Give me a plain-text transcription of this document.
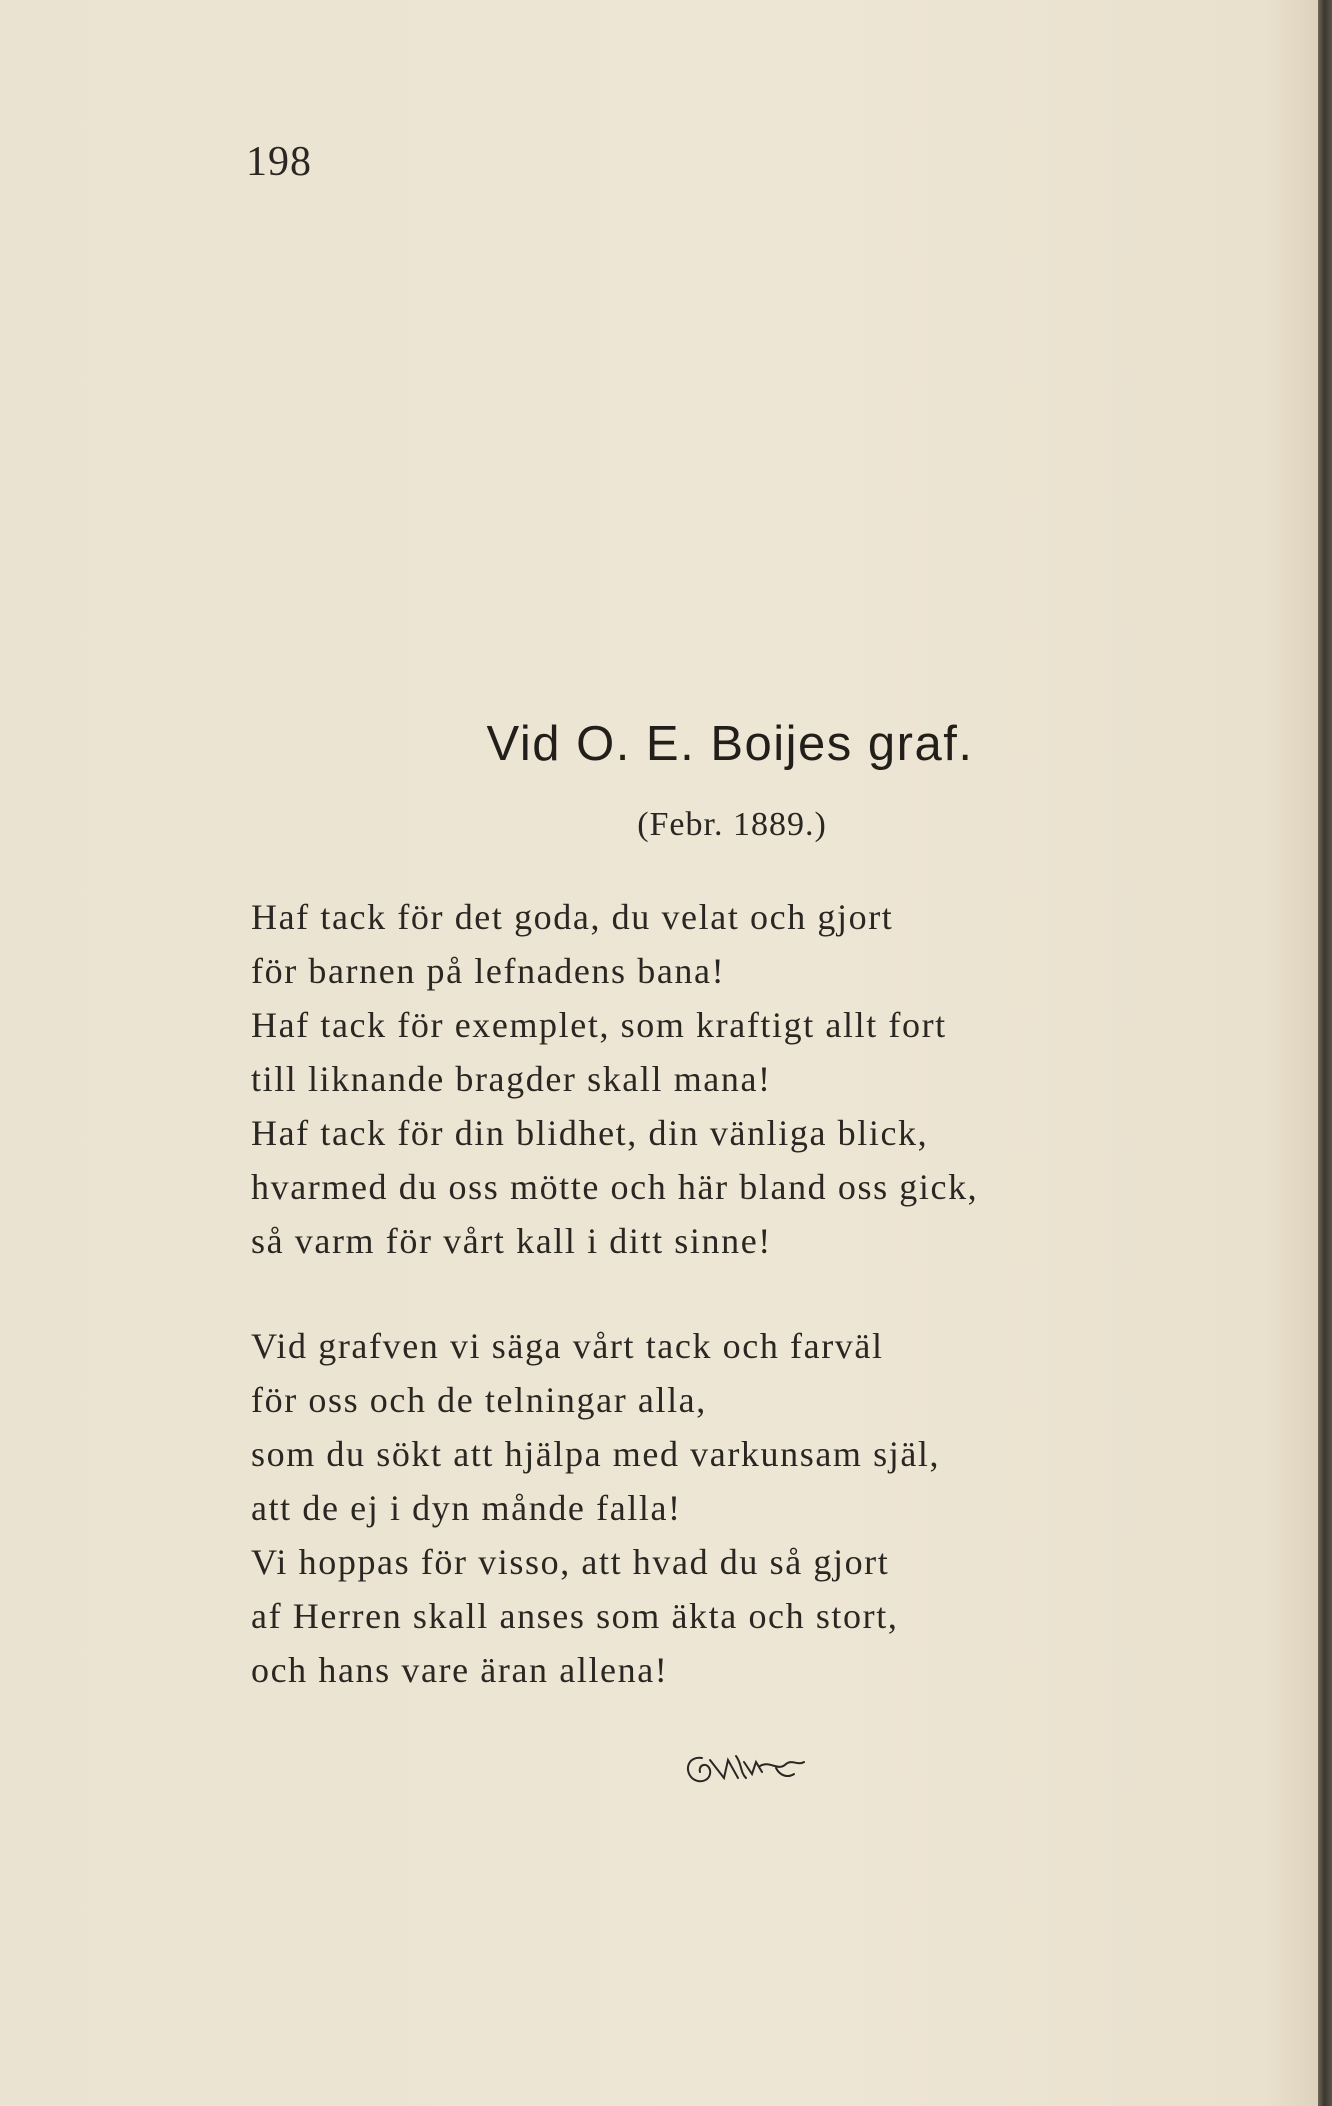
198
Vid O. E. Boijes graf.
(Febr. 1889.)
Haf tack för det goda, du velat och gjort
för barnen på lefnadens bana!
Haf tack för exemplet, som kraftigt allt fort
till liknande bragder skall mana!
Haf tack för din blidhet, din vänliga blick,
hvarmed du oss mötte och här bland oss gick,
så varm för vårt kall i ditt sinne!
Vid grafven vi säga vårt tack och farväl
för oss och de telningar alla,
som du sökt att hjälpa med varkunsam själ,
att de ej i dyn månde falla!
Vi hoppas för visso, att hvad du så gjort
af Herren skall anses som äkta och stort,
och hans vare äran allena!
